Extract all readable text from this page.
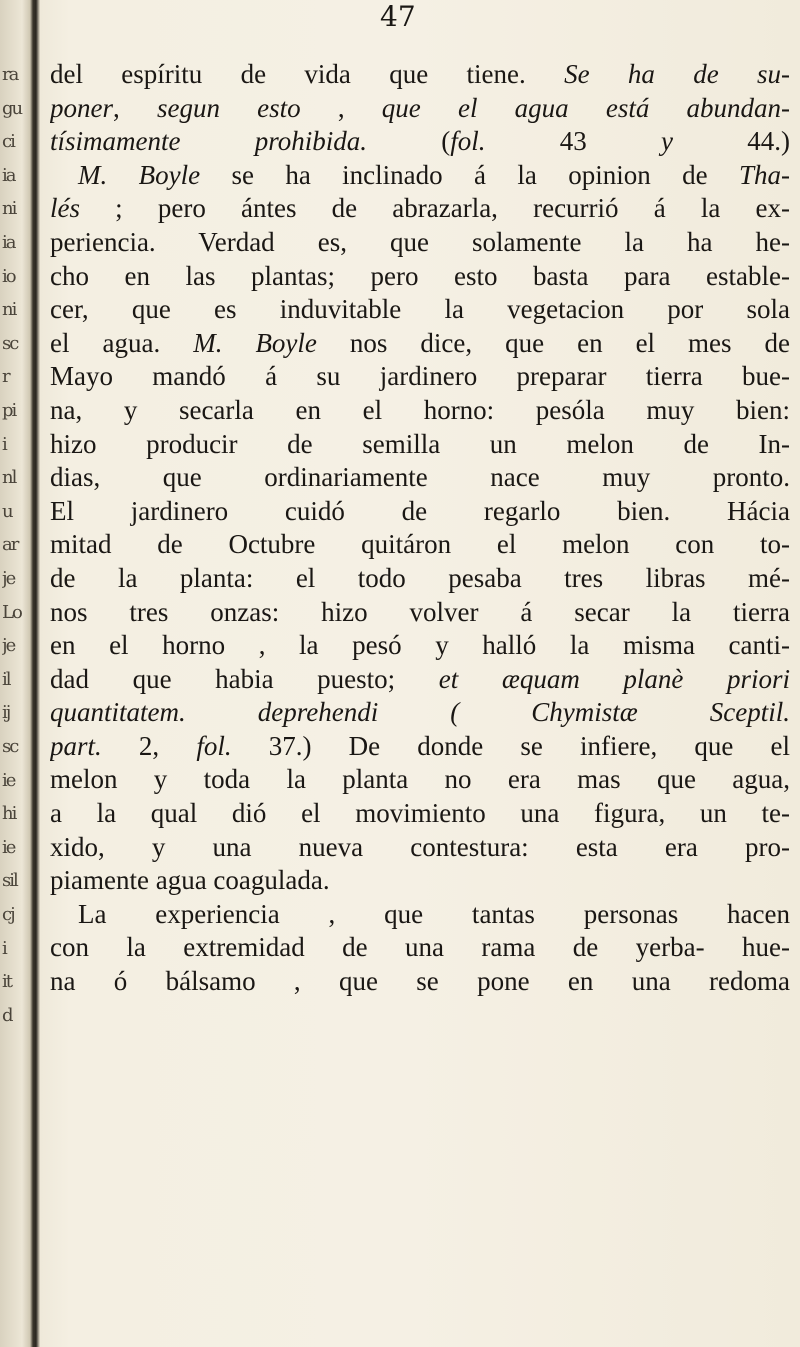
ra
gu
ci
ia
ni
ia
io
ni
sc
r
pi
i
nl
u
ar
je
Lo
je
il
ij
sc
ie
hi
ie
sil
cj
i
it
d
47
del espíritu de vida que tiene. Se ha de su-
poner, segun esto , que el agua está abundan-
tísimamente prohibida. (fol. 43 y 44.)
M. Boyle se ha inclinado á la opinion de Tha-
lés ; pero ántes de abrazarla, recurrió á la ex-
periencia. Verdad es, que solamente la ha he-
cho en las plantas; pero esto basta para estable-
cer, que es induvitable la vegetacion por sola
el agua. M. Boyle nos dice, que en el mes de
Mayo mandó á su jardinero preparar tierra bue-
na, y secarla en el horno: pesóla muy bien:
hizo producir de semilla un melon de In-
dias, que ordinariamente nace muy pronto.
El jardinero cuidó de regarlo bien. Hácia
mitad de Octubre quitáron el melon con to-
de la planta: el todo pesaba tres libras mé-
nos tres onzas: hizo volver á secar la tierra
en el horno , la pesó y halló la misma canti-
dad que habia puesto; et æquam planè priori
quantitatem. deprehendi ( Chymistæ Sceptil.
part. 2, fol. 37.) De donde se infiere, que el
melon y toda la planta no era mas que agua,
a la qual dió el movimiento una figura, un te-
xido, y una nueva contestura: esta era pro-
piamente agua coagulada.
La experiencia , que tantas personas hacen
con la extremidad de una rama de yerba- hue-
na ó bálsamo , que se pone en una redoma
